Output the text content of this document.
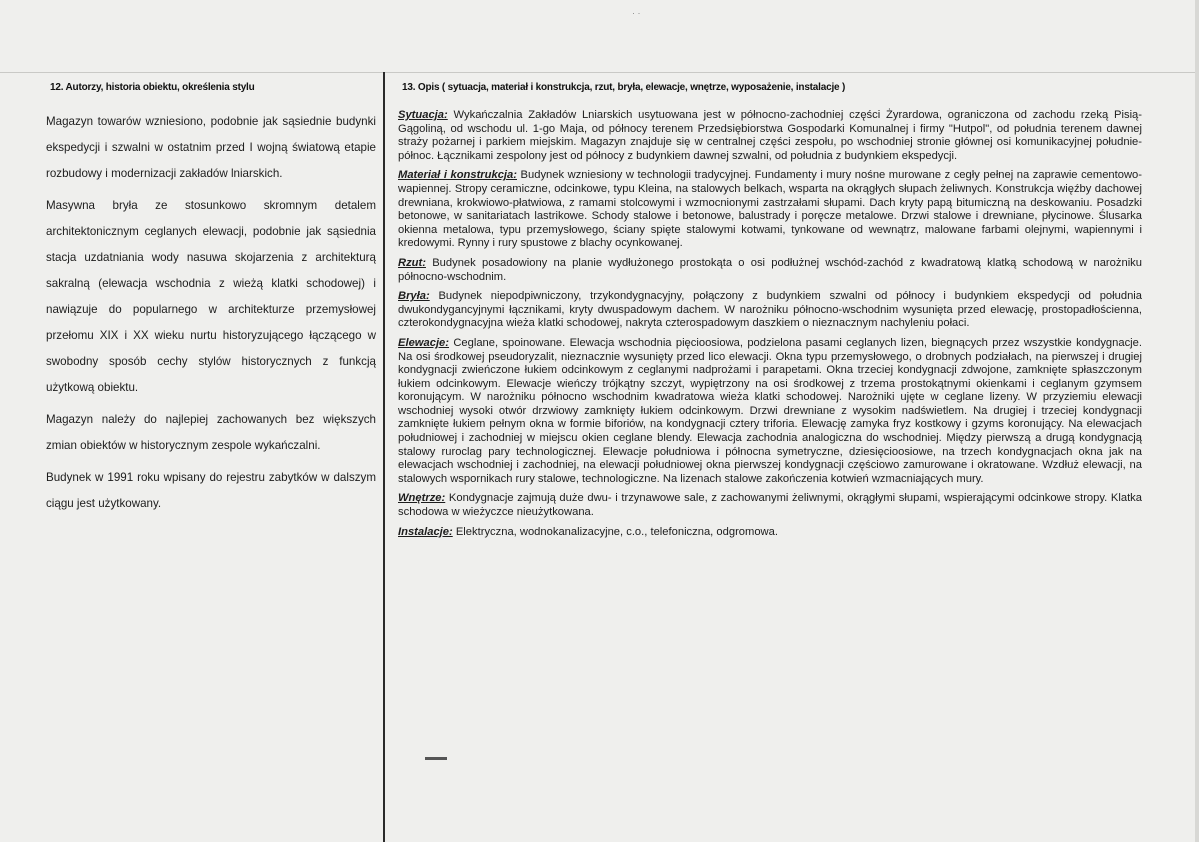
· ·
12. Autorzy, historia obiektu, określenia stylu

Magazyn towarów wzniesiono, podobnie jak sąsiednie budynki ekspedycji i szwalni w ostatnim przed I wojną światową etapie rozbudowy i modernizacji zakładów lniarskich.

Masywna bryła ze stosunkowo skromnym detalem architektonicznym ceglanych elewacji, podobnie jak sąsiednia stacja uzdatniania wody nasuwa skojarzenia z architekturą sakralną (elewacja wschodnia z wieżą klatki schodowej) i nawiązuje do popularnego w architekturze przemysłowej przełomu XIX i XX wieku nurtu historyzującego łączącego w swobodny sposób cechy stylów historycznych z funkcją użytkową obiektu.

Magazyn należy do najlepiej zachowanych bez większych zmian obiektów w historycznym zespole wykańczalni.

Budynek w 1991 roku wpisany do rejestru zabytków w dalszym ciągu jest użytkowany.

13. Opis ( sytuacja, materiał i konstrukcja, rzut, bryła, elewacje, wnętrze, wyposażenie, instalacje )

Sytuacja: Wykańczalnia Zakładów Lniarskich usytuowana jest w północno-zachodniej części Żyrardowa, ograniczona od zachodu rzeką Pisią-Gągoliną, od wschodu ul. 1-go Maja, od północy terenem Przedsiębiorstwa Gospodarki Komunalnej i firmy "Hutpol", od południa terenem dawnej straży pożarnej i parkiem miejskim. Magazyn znajduje się w centralnej części zespołu, po wschodniej stronie głównej osi komunikacyjnej południe-północ. Łącznikami zespolony jest od północy z budynkiem dawnej szwalni, od południa z budynkiem ekspedycji.

Materiał i konstrukcja: Budynek wzniesiony w technologii tradycyjnej. Fundamenty i mury nośne murowane z cegły pełnej na zaprawie cementowo-wapiennej. Stropy ceramiczne, odcinkowe, typu Kleina, na stalowych belkach, wsparta na okrągłych słupach żeliwnych. Konstrukcja więźby dachowej drewniana, krokwiowo-płatwiowa, z ramami stolcowymi i wzmocnionymi zastrzałami słupami. Dach kryty papą bitumiczną na deskowaniu. Posadzki betonowe, w sanitariatach lastrikowe. Schody stalowe i betonowe, balustrady i poręcze metalowe. Drzwi stalowe i drewniane, płycinowe. Ślusarka okienna metalowa, typu przemysłowego, ściany spięte stalowymi kotwami, tynkowane od wewnątrz, malowane farbami olejnymi, wapiennymi i kredowymi. Rynny i rury spustowe z blachy ocynkowanej.

Rzut: Budynek posadowiony na planie wydłużonego prostokąta o osi podłużnej wschód-zachód z kwadratową klatką schodową w narożniku północno-wschodnim.

Bryła: Budynek niepodpiwniczony, trzykondygnacyjny, połączony z budynkiem szwalni od północy i budynkiem ekspedycji od południa dwukondygancyjnymi łącznikami, kryty dwuspadowym dachem. W narożniku północno-wschodnim wysunięta przed elewację, prostopadłościenna, czterokondygnacyjna wieża klatki schodowej, nakryta czterospadowym daszkiem o nieznacznym nachyleniu połaci.

Elewacje: Ceglane, spoinowane. Elewacja wschodnia pięcioosiowa, podzielona pasami ceglanych lizen, biegnących przez wszystkie kondygnacje. Na osi środkowej pseudoryzalit, nieznacznie wysunięty przed lico elewacji. Okna typu przemysłowego, o drobnych podziałach, na pierwszej i drugiej kondygnacji zwieńczone łukiem odcinkowym z ceglanymi nadprożami i parapetami. Okna trzeciej kondygnacji zdwojone, zamknięte spłaszczonym łukiem odcinkowym. Elewacje wieńczy trójkątny szczyt, wypiętrzony na osi środkowej z trzema prostokątnymi okienkami i ceglanym gzymsem koronującym. W narożniku północno wschodnim kwadratowa wieża klatki schodowej. Narożniki ujęte w ceglane lizeny. W przyziemiu elewacji wschodniej wysoki otwór drzwiowy zamknięty łukiem odcinkowym. Drzwi drewniane z wysokim nadświetlem. Na drugiej i trzeciej kondygnacji zamknięte łukiem pełnym okna w formie biforiów, na kondygnacji cztery triforia. Elewację zamyka fryz kostkowy i gzyms koronujący. Na elewacjach południowej i zachodniej w miejscu okien ceglane blendy. Elewacja zachodnia analogiczna do wschodniej. Między pierwszą a drugą kondygnacją stalowy ruroclag pary technologicznej. Elewacje południowa i północna symetryczne, dziesięcioosiowe, na trzech kondygnacjach okna jak na elewacjach wschodniej i zachodniej, na elewacji południowej okna pierwszej kondygnacji częściowo zamurowane i okratowane. Wzdłuż elewacji, na stalowych wspornikach rury stalowe, technologiczne. Na lizenach stalowe zakończenia kotwień wzmacniających mury.

Wnętrze: Kondygnacje zajmują duże dwu- i trzynawowe sale, z zachowanymi żeliwnymi, okrągłymi słupami, wspierającymi odcinkowe stropy. Klatka schodowa w wieżyczce nieużytkowana.

Instalacje: Elektryczna, wodnokanalizacyjne, c.o., telefoniczna, odgromowa.
